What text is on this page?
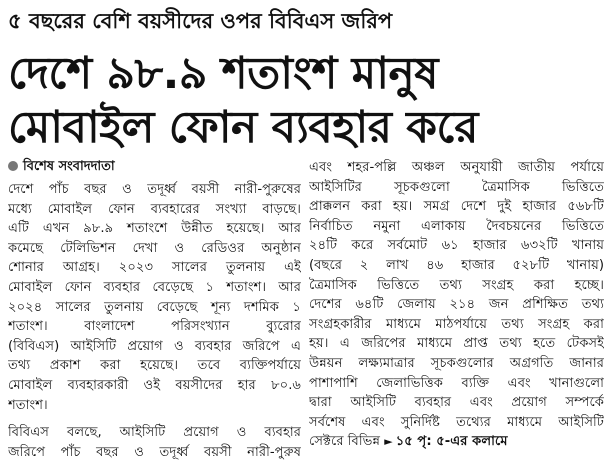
৫ বছরের বেশি বয়সীদের ওপর বিবিএস জরিপ
দেশে ৯৮.৯ শতাংশ মানুষ
মোবাইল ফোন ব্যবহার করে
বিশেষ সংবাদদাতা
দেশে পাঁচ বছর ও তদূর্ধ্ব বয়সী নারী-পুরুষের
মধ্যে মোবাইল ফোন ব্যবহারের সংখ্যা বাড়ছে।
এটি এখন ৯৮.৯ শতাংশে উন্নীত হয়েছে। আর
কমেছে টেলিভিশন দেখা ও রেডিওর অনুষ্ঠান
শোনার আগ্রহ। ২০২৩ সালের তুলনায় এই
মোবাইল ফোন ব্যবহার বেড়েছে ১ শতাংশ। আর
২০২৪ সালের তুলনায় বেড়েছে শূন্য দশমিক ১
শতাংশ। বাংলাদেশ পরিসংখ্যান ব্যুরোর
(বিবিএস) আইসিটি প্রয়োগ ও ব্যবহার জরিপে এ
তথ্য প্রকাশ করা হয়েছে। তবে ব্যক্তিপর্যায়ে
মোবাইল ব্যবহারকারী ওই বয়সীদের হার ৮০.৬
শতাংশ।
বিবিএস বলছে, আইসিটি প্রয়োগ ও ব্যবহার
জরিপে পাঁচ বছর ও তদূর্ধ্ব বয়সী নারী-পুরুষ
এবং শহর-পল্লি অঞ্চল অনুযায়ী জাতীয় পর্যায়ে
আইসিটির সূচকগুলো ত্রৈমাসিক ভিত্তিতে
প্রাক্কলন করা হয়। সমগ্র দেশে দুই হাজার ৫৬৮টি
নির্বাচিত নমুনা এলাকায় দৈবচয়নের ভিত্তিতে
২৪টি করে সর্বমোট ৬১ হাজার ৬৩২টি খানায়
(বছরে ২ লাখ ৪৬ হাজার ৫২৮টি খানায়)
ত্রৈমাসিক ভিত্তিতে তথ্য সংগ্রহ করা হচ্ছে।
দেশের ৬৪টি জেলায় ২১৪ জন প্রশিক্ষিত তথ্য
সংগ্রহকারীর মাধ্যমে মাঠপর্যায়ে তথ্য সংগ্রহ করা
হয়। এ জরিপের মাধ্যমে প্রাপ্ত তথ্য হতে টেকসই
উন্নয়ন লক্ষ্যমাত্রার সূচকগুলোর অগ্রগতি জানার
পাশাপাশি জেলাভিত্তিক ব্যক্তি এবং খানাগুলো
দ্বারা আইসিটি ব্যবহার এবং প্রয়োগ সম্পর্কে
সর্বশেষ এবং সুনির্দিষ্ট তথ্যের মাধ্যমে আইসিটি
সেক্টরে বিভিন্ন ► ১৫ পৃ: ৫-এর কলামে
